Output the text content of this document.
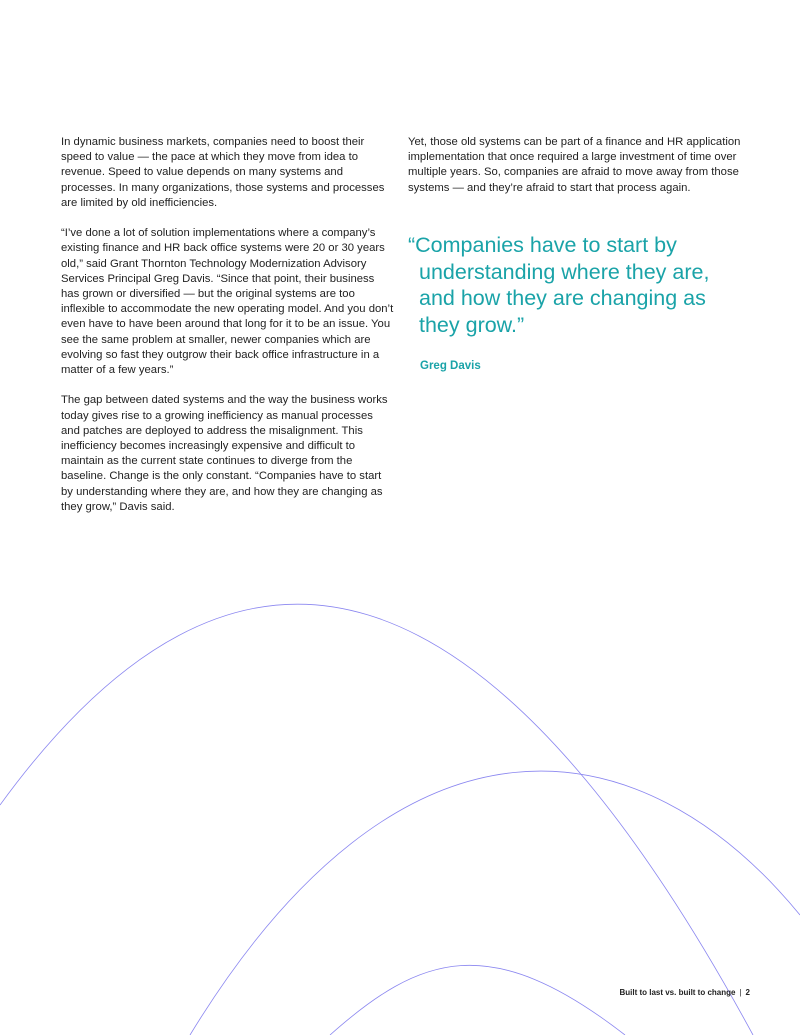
In dynamic business markets, companies need to boost their speed to value — the pace at which they move from idea to revenue. Speed to value depends on many systems and processes. In many organizations, those systems and processes are limited by old inefficiencies.

“I’ve done a lot of solution implementations where a company’s existing finance and HR back office systems were 20 or 30 years old,” said Grant Thornton Technology Modernization Advisory Services Principal Greg Davis. “Since that point, their business has grown or diversified — but the original systems are too inflexible to accommodate the new operating model. And you don’t even have to have been around that long for it to be an issue. You see the same problem at smaller, newer companies which are evolving so fast they outgrow their back office infrastructure in a matter of a few years.”

The gap between dated systems and the way the business works today gives rise to a growing inefficiency as manual processes and patches are deployed to address the misalignment. This inefficiency becomes increasingly expensive and difficult to maintain as the current state continues to diverge from the baseline. Change is the only constant. “Companies have to start by understanding where they are, and how they are changing as they grow,” Davis said.

Yet, those old systems can be part of a finance and HR application implementation that once required a large investment of time over multiple years. So, companies are afraid to move away from those systems — and they’re afraid to start that process again.

“Companies have to start by understanding where they are, and how they are changing as they grow.”

Greg Davis
Built to last vs. built to change | 2
